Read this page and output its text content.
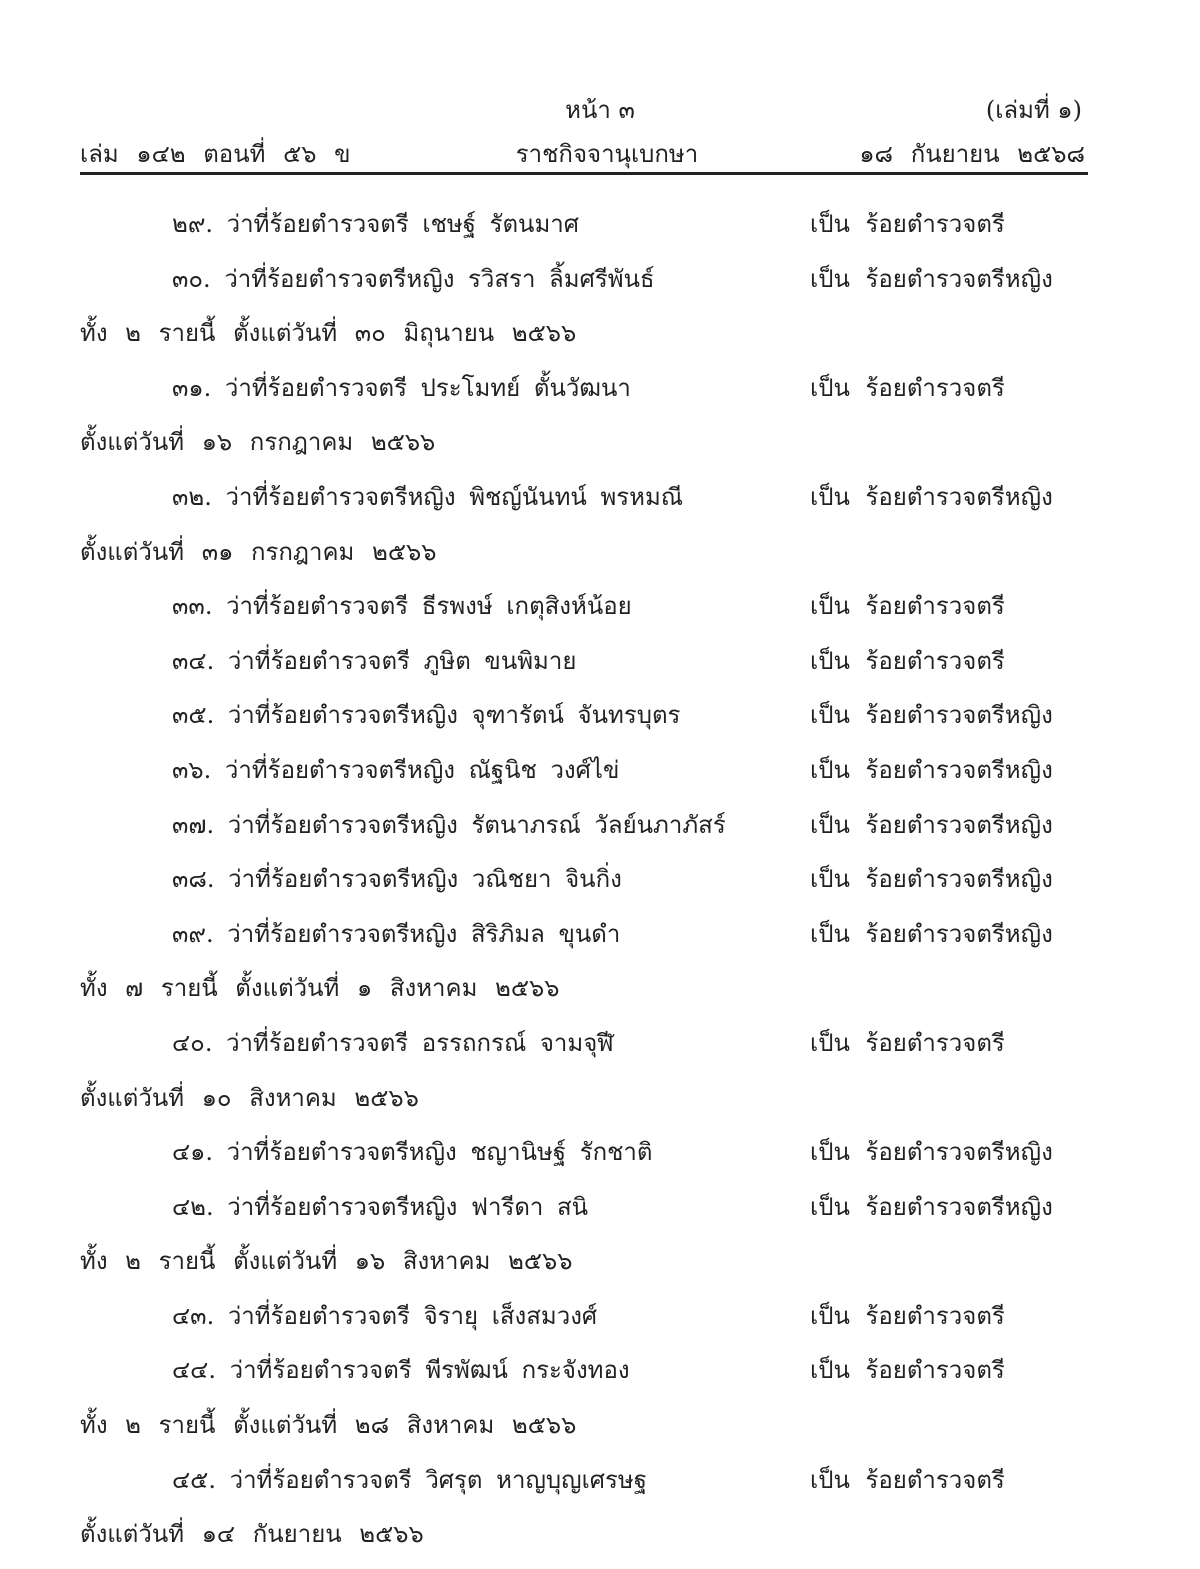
หน้า ๓	(เล่มที่ ๑)
เล่ม ๑๔๒ ตอนที่ ๕๖ ข	ราชกิจจานุเบกษา	๑๘ กันยายน ๒๕๖๘
๒๙. ว่าที่ร้อยตำรวจตรี เชษฐ์ รัตนมาศ	เป็น ร้อยตำรวจตรี
๓๐. ว่าที่ร้อยตำรวจตรีหญิง รวิสรา ลิ้มศรีพันธ์	เป็น ร้อยตำรวจตรีหญิง
ทั้ง ๒ รายนี้ ตั้งแต่วันที่ ๓๐ มิถุนายน ๒๕๖๖
๓๑. ว่าที่ร้อยตำรวจตรี ประโมทย์ ตั้นวัฒนา	เป็น ร้อยตำรวจตรี
ตั้งแต่วันที่ ๑๖ กรกฎาคม ๒๕๖๖
๓๒. ว่าที่ร้อยตำรวจตรีหญิง พิชญ์นันทน์ พรหมณี	เป็น ร้อยตำรวจตรีหญิง
ตั้งแต่วันที่ ๓๑ กรกฎาคม ๒๕๖๖
๓๓. ว่าที่ร้อยตำรวจตรี ธีรพงษ์ เกตุสิงห์น้อย	เป็น ร้อยตำรวจตรี
๓๔. ว่าที่ร้อยตำรวจตรี ภูษิต ขนพิมาย	เป็น ร้อยตำรวจตรี
๓๕. ว่าที่ร้อยตำรวจตรีหญิง จุฑารัตน์ จันทรบุตร	เป็น ร้อยตำรวจตรีหญิง
๓๖. ว่าที่ร้อยตำรวจตรีหญิง ณัฐนิช วงศ์ไข่	เป็น ร้อยตำรวจตรีหญิง
๓๗. ว่าที่ร้อยตำรวจตรีหญิง รัตนาภรณ์ วัลย์นภาภัสร์	เป็น ร้อยตำรวจตรีหญิง
๓๘. ว่าที่ร้อยตำรวจตรีหญิง วณิชยา จินกิ่ง	เป็น ร้อยตำรวจตรีหญิง
๓๙. ว่าที่ร้อยตำรวจตรีหญิง สิริภิมล ขุนดำ	เป็น ร้อยตำรวจตรีหญิง
ทั้ง ๗ รายนี้ ตั้งแต่วันที่ ๑ สิงหาคม ๒๕๖๖
๔๐. ว่าที่ร้อยตำรวจตรี อรรถกรณ์ จามจุฬี	เป็น ร้อยตำรวจตรี
ตั้งแต่วันที่ ๑๐ สิงหาคม ๒๕๖๖
๔๑. ว่าที่ร้อยตำรวจตรีหญิง ชญานิษฐ์ รักชาติ	เป็น ร้อยตำรวจตรีหญิง
๔๒. ว่าที่ร้อยตำรวจตรีหญิง ฟารีดา สนิ	เป็น ร้อยตำรวจตรีหญิง
ทั้ง ๒ รายนี้ ตั้งแต่วันที่ ๑๖ สิงหาคม ๒๕๖๖
๔๓. ว่าที่ร้อยตำรวจตรี จิรายุ เส็งสมวงศ์	เป็น ร้อยตำรวจตรี
๔๔. ว่าที่ร้อยตำรวจตรี พีรพัฒน์ กระจังทอง	เป็น ร้อยตำรวจตรี
ทั้ง ๒ รายนี้ ตั้งแต่วันที่ ๒๘ สิงหาคม ๒๕๖๖
๔๕. ว่าที่ร้อยตำรวจตรี วิศรุต หาญบุญเศรษฐ	เป็น ร้อยตำรวจตรี
ตั้งแต่วันที่ ๑๔ กันยายน ๒๕๖๖
